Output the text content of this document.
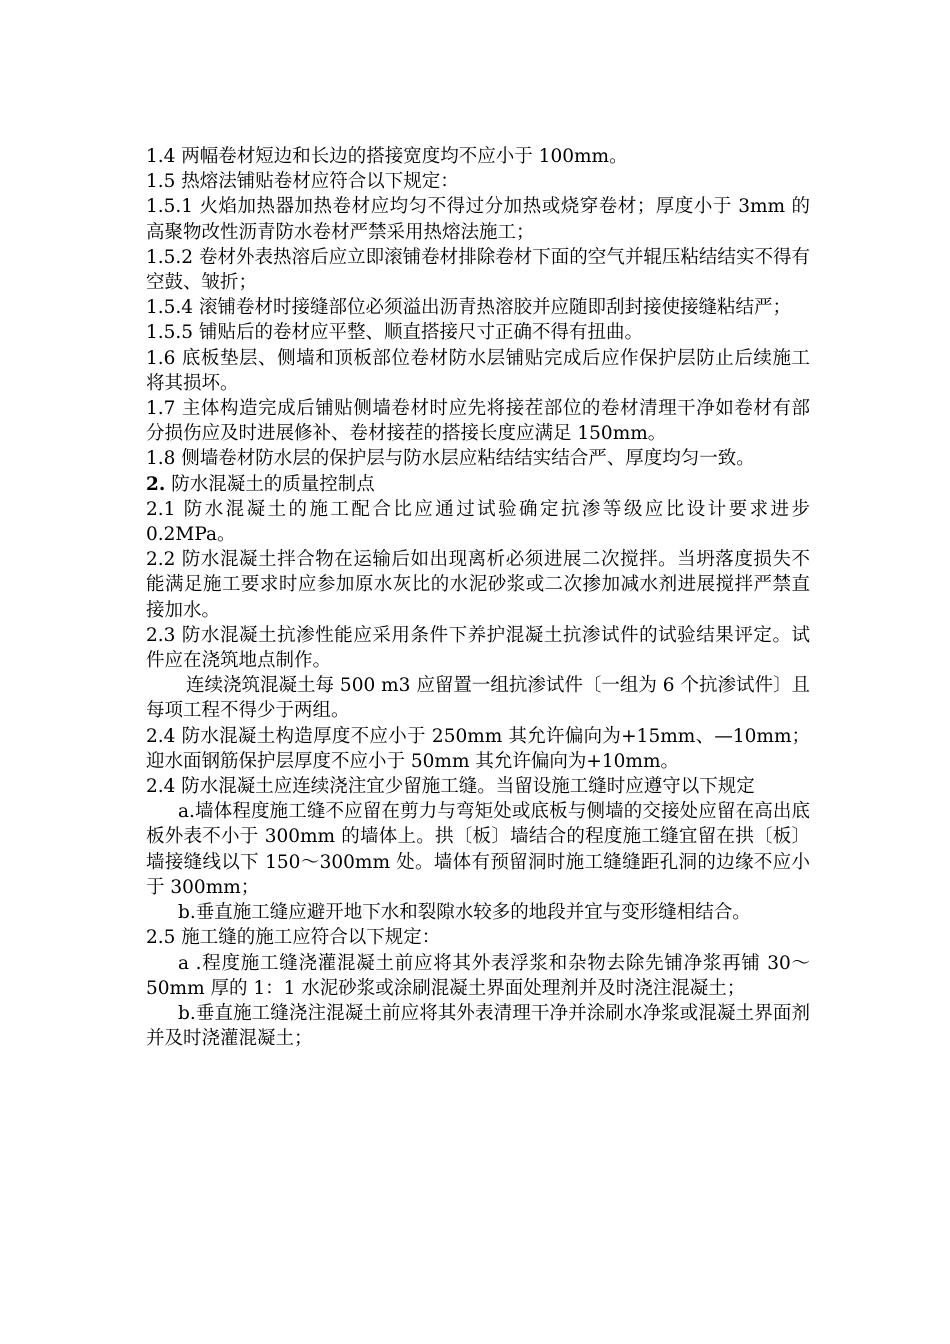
1.4 两幅卷材短边和长边的搭接宽度均不应小于 100mm。

1.5 热熔法铺贴卷材应符合以下规定：

1.5.1 火焰加热器加热卷材应均匀不得过分加热或烧穿卷材；厚度小于 3mm 的高聚物改性沥青防水卷材严禁采用热熔法施工；

1.5.2 卷材外表热溶后应立即滚铺卷材排除卷材下面的空气并辊压粘结结实不得有空鼓、皱折；

1.5.4 滚铺卷材时接缝部位必须溢出沥青热溶胶并应随即刮封接使接缝粘结严；

1.5.5 铺贴后的卷材应平整、顺直搭接尺寸正确不得有扭曲。

1.6 底板垫层、侧墙和顶板部位卷材防水层铺贴完成后应作保护层防止后续施工将其损坏。

1.7 主体构造完成后铺贴侧墙卷材时应先将接茬部位的卷材清理干净如卷材有部分损伤应及时进展修补、卷材接茬的搭接长度应满足 150mm。

1.8 侧墙卷材防水层的保护层与防水层应粘结结实结合严、厚度均匀一致。

2. 防水混凝土的质量控制点

2.1 防水混凝土的施工配合比应通过试验确定抗渗等级应比设计要求进步 0.2MPa。

2.2 防水混凝土拌合物在运输后如出现离析必须进展二次搅拌。当坍落度损失不能满足施工要求时应参加原水灰比的水泥砂浆或二次掺加减水剂进展搅拌严禁直接加水。

2.3 防水混凝土抗渗性能应采用条件下养护混凝土抗渗试件的试验结果评定。试件应在浇筑地点制作。

连续浇筑混凝土每 500 m3 应留置一组抗渗试件〔一组为 6 个抗渗试件〕且每项工程不得少于两组。

2.4 防水混凝土构造厚度不应小于 250mm 其允许偏向为+15mm、—10mm；迎水面钢筋保护层厚度不应小于 50mm 其允许偏向为+10mm。

2.4 防水混凝土应连续浇注宜少留施工缝。当留设施工缝时应遵守以下规定

a.墙体程度施工缝不应留在剪力与弯矩处或底板与侧墙的交接处应留在高出底板外表不小于 300mm 的墙体上。拱〔板〕墙结合的程度施工缝宜留在拱〔板〕墙接缝线以下 150～300mm 处。墙体有预留洞时施工缝缝距孔洞的边缘不应小于 300mm；

b.垂直施工缝应避开地下水和裂隙水较多的地段并宜与变形缝相结合。

2.5 施工缝的施工应符合以下规定：

a .程度施工缝浇灌混凝土前应将其外表浮浆和杂物去除先铺净浆再铺 30～50mm 厚的 1：1 水泥砂浆或涂刷混凝土界面处理剂并及时浇注混凝土；

b.垂直施工缝浇注混凝土前应将其外表清理干净并涂刷水净浆或混凝土界面剂并及时浇灌混凝土；
